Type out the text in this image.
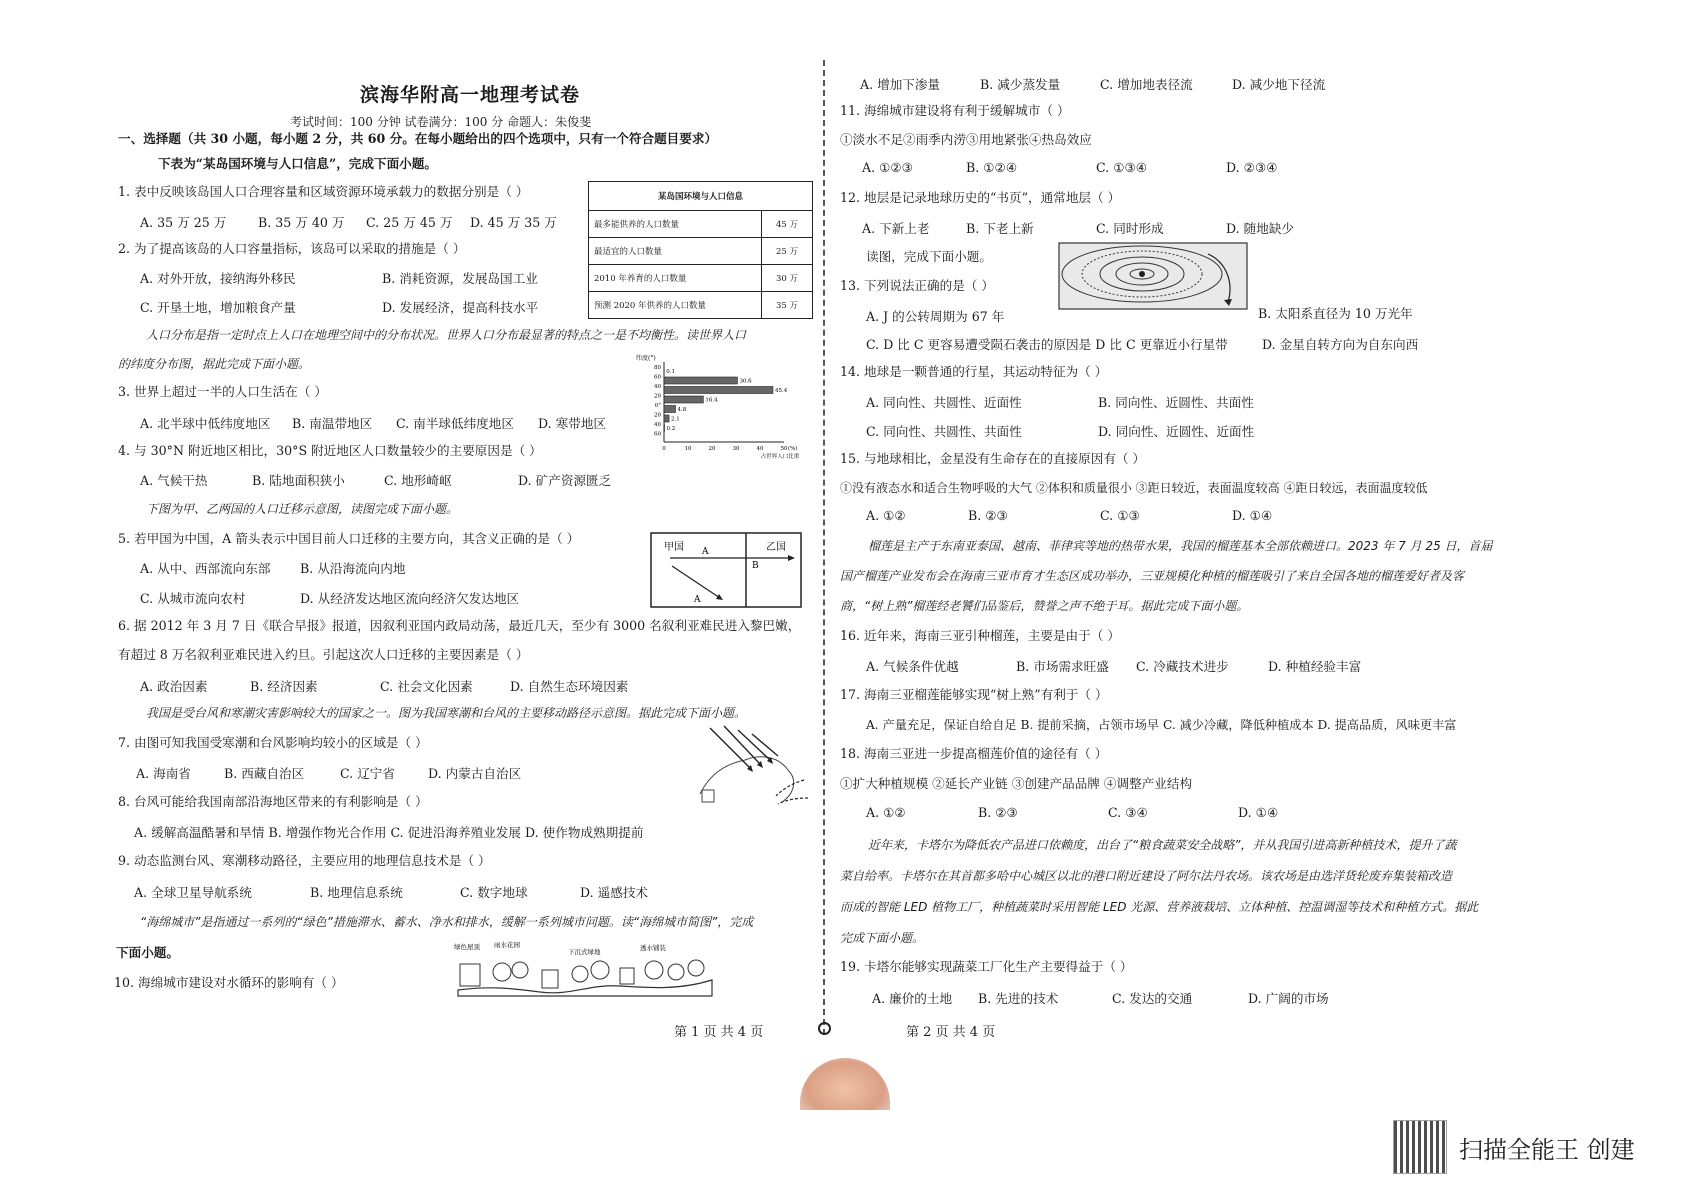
滨海华附高一地理考试卷
考试时间：100 分钟 试卷满分：100 分 命题人：朱俊斐
一、选择题（共 30 小题，每小题 2 分，共 60 分。在每小题给出的四个选项中，只有一个符合题目要求）
下表为“某岛国环境与人口信息”，完成下面小题。
1. 表中反映该岛国人口合理容量和区域资源环境承载力的数据分别是（ ）
A. 35 万 25 万	B. 35 万 40 万 C. 25 万 45 万 D. 45 万 35 万
某岛国环境与人口信息	
最多能供养的人口数量	45 万
最适宜的人口数量	25 万
2010 年养育的人口数量	30 万
预测 2020 年供养的人口数量	35 万
2. 为了提高该岛的人口容量指标，该岛可以采取的措施是（ ）
A. 对外开放，接纳海外移民	B. 消耗资源，发展岛国工业
C. 开垦土地，增加粮食产量	D. 发展经济，提高科技水平
人口分布是指一定时点上人口在地理空间中的分布状况。世界人口分布最显著的特点之一是不均衡性。读世界人口
的纬度分布图，据此完成下面小题。	纬度(°)
80
0.1
60
30.6
40
45.4
20
16.4
0°
4.8
20
2.1
40
0.2
60
0	10	20	30	40	50 (%)
占世界人口比重
3. 世界上超过一半的人口生活在（ ）
A. 北半球中低纬度地区 B. 南温带地区 C. 南半球低纬度地区 D. 寒带地区
4. 与 30°N 附近地区相比，30°S 附近地区人口数量较少的主要原因是（ ）
A. 气候干热	B. 陆地面积狭小	C. 地形崎岖	D. 矿产资源匮乏
下图为甲、乙两国的人口迁移示意图，读图完成下面小题。
甲国	乙国
A
B
A
5. 若甲国为中国，A 箭头表示中国目前人口迁移的主要方向，其含义正确的是（ ）
A. 从中、西部流向东部 B. 从沿海流向内地
C. 从城市流向农村	D. 从经济发达地区流向经济欠发达地区
6. 据 2012 年 3 月 7 日《联合早报》报道，因叙利亚国内政局动荡，最近几天，至少有 3000 名叙利亚难民进入黎巴嫩，
有超过 8 万名叙利亚难民进入约旦。引起这次人口迁移的主要因素是（ ）
A. 政治因素	B. 经济因素	C. 社会文化因素	D. 自然生态环境因素
我国是受台风和寒潮灾害影响较大的国家之一。图为我国寒潮和台风的主要移动路径示意图。据此完成下面小题。
7. 由图可知我国受寒潮和台风影响均较小的区域是（ ）
A. 海南省	B. 西藏自治区	C. 辽宁省	D. 内蒙古自治区
8. 台风可能给我国南部沿海地区带来的有利影响是（ ）
A. 缓解高温酷暑和旱情 B. 增强作物光合作用 C. 促进沿海养殖业发展 D. 使作物成熟期提前
9. 动态监测台风、寒潮移动路径，主要应用的地理信息技术是（ ）
A. 全球卫星导航系统	B. 地理信息系统	C. 数字地球	D. 遥感技术
“海绵城市”是指通过一系列的“绿色”措施滞水、蓄水、净水和排水，缓解一系列城市问题。读“海绵城市简图”，完成
下面小题。	绿色屋顶 雨水花园
下沉式绿地	透水铺装
10. 海绵城市建设对水循环的影响有（ ）
A. 增加下渗量	B. 减少蒸发量	C. 增加地表径流	D. 减少地下径流
11. 海绵城市建设将有利于缓解城市（ ）
①淡水不足②雨季内涝③用地紧张④热岛效应
A. ①②③	B. ①②④	C. ①③④	D. ②③④
12. 地层是记录地球历史的“书页”，通常地层（ ）
A. 下新上老	B. 下老上新	C. 同时形成	D. 随地缺少
读图，完成下面小题。
13. 下列说法正确的是（ ）
A. J 的公转周期为 67 年	B. 太阳系直径为 10 万光年
C. D 比 C 更容易遭受陨石袭击的原因是 D 比 C 更靠近小行星带	D. 金星自转方向为自东向西
14. 地球是一颗普通的行星，其运动特征为（ ）
A. 同向性、共圆性、近面性	B. 同向性、近圆性、共面性
C. 同向性、共圆性、共面性	D. 同向性、近圆性、近面性
15. 与地球相比，金星没有生命存在的直接原因有（ ）
①没有液态水和适合生物呼吸的大气 ②体积和质量很小 ③距日较近，表面温度较高 ④距日较远，表面温度较低
A. ①②	B. ②③	C. ①③	D. ①④
榴莲是主产于东南亚泰国、越南、菲律宾等地的热带水果，我国的榴莲基本全部依赖进口。2023 年 7 月 25 日，首届
国产榴莲产业发布会在海南三亚市育才生态区成功举办，三亚规模化种植的榴莲吸引了来自全国各地的榴莲爱好者及客
商，“树上熟”榴莲经老饕们品鉴后，赞誉之声不绝于耳。据此完成下面小题。
16. 近年来，海南三亚引种榴莲，主要是由于（ ）
A. 气候条件优越	B. 市场需求旺盛 C. 冷藏技术进步	D. 种植经验丰富
17. 海南三亚榴莲能够实现“树上熟”有利于（ ）
A. 产量充足，保证自给自足 B. 提前采摘，占领市场早 C. 减少冷藏，降低种植成本 D. 提高品质，风味更丰富
18. 海南三亚进一步提高榴莲价值的途径有（ ）
①扩大种植规模 ②延长产业链 ③创建产品品牌 ④调整产业结构
A. ①②	B. ②③	C. ③④	D. ①④
近年来，卡塔尔为降低农产品进口依赖度，出台了“粮食蔬菜安全战略”，并从我国引进高新种植技术，提升了蔬
菜自给率。卡塔尔在其首都多哈中心城区以北的港口附近建设了阿尔法丹农场。该农场是由选洋货轮废弃集装箱改造
而成的智能 LED 植物工厂，种植蔬菜时采用智能 LED 光源、营养液栽培、立体种植、控温调湿等技术和种植方式。据此
完成下面小题。
19. 卡塔尔能够实现蔬菜工厂化生产主要得益于（ ）
A. 廉价的土地 B. 先进的技术	C. 发达的交通	D. 广阔的市场
第 1 页 共 4 页	第 2 页 共 4 页
扫描全能王 创建
